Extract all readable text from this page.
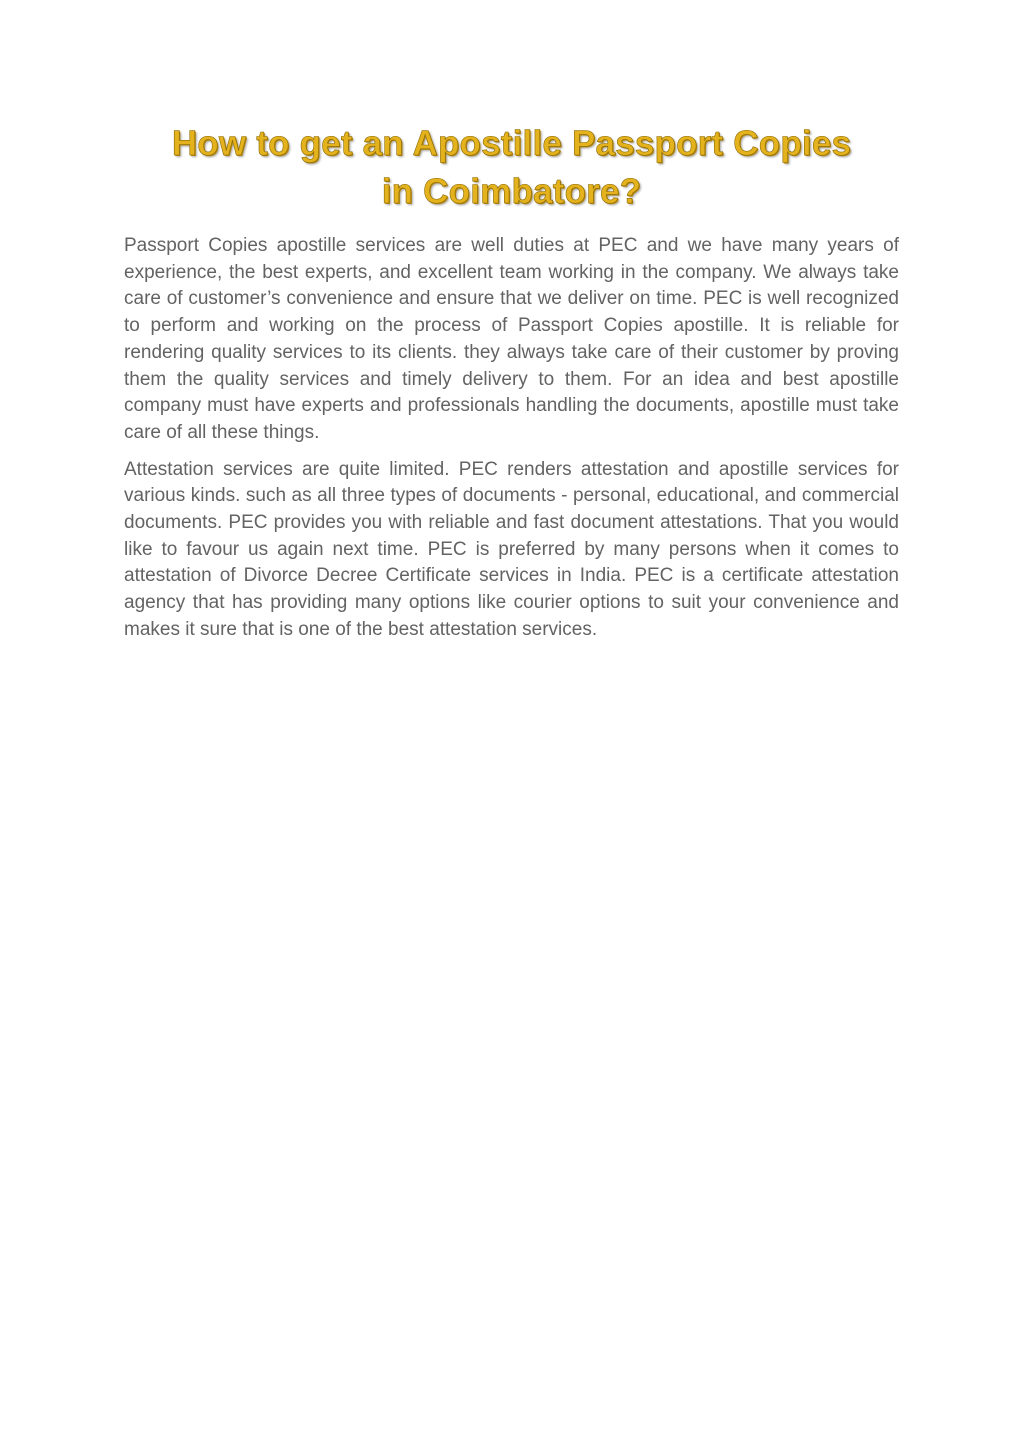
How to get an Apostille Passport Copies
in Coimbatore?

Passport Copies apostille services are well duties at PEC and we have many years of experience, the best experts, and excellent team working in the company. We always take care of customer’s convenience and ensure that we deliver on time. PEC is well recognized to perform and working on the process of Passport Copies apostille. It is reliable for rendering quality services to its clients. they always take care of their customer by proving them the quality services and timely delivery to them. For an idea and best apostille company must have experts and professionals handling the documents, apostille must take care of all these things.

Attestation services are quite limited. PEC renders attestation and apostille services for various kinds. such as all three types of documents - personal, educational, and commercial documents. PEC provides you with reliable and fast document attestations. That you would like to favour us again next time. PEC is preferred by many persons when it comes to attestation of Divorce Decree Certificate services in India. PEC is a certificate attestation agency that has providing many options like courier options to suit your convenience and makes it sure that is one of the best attestation services.
